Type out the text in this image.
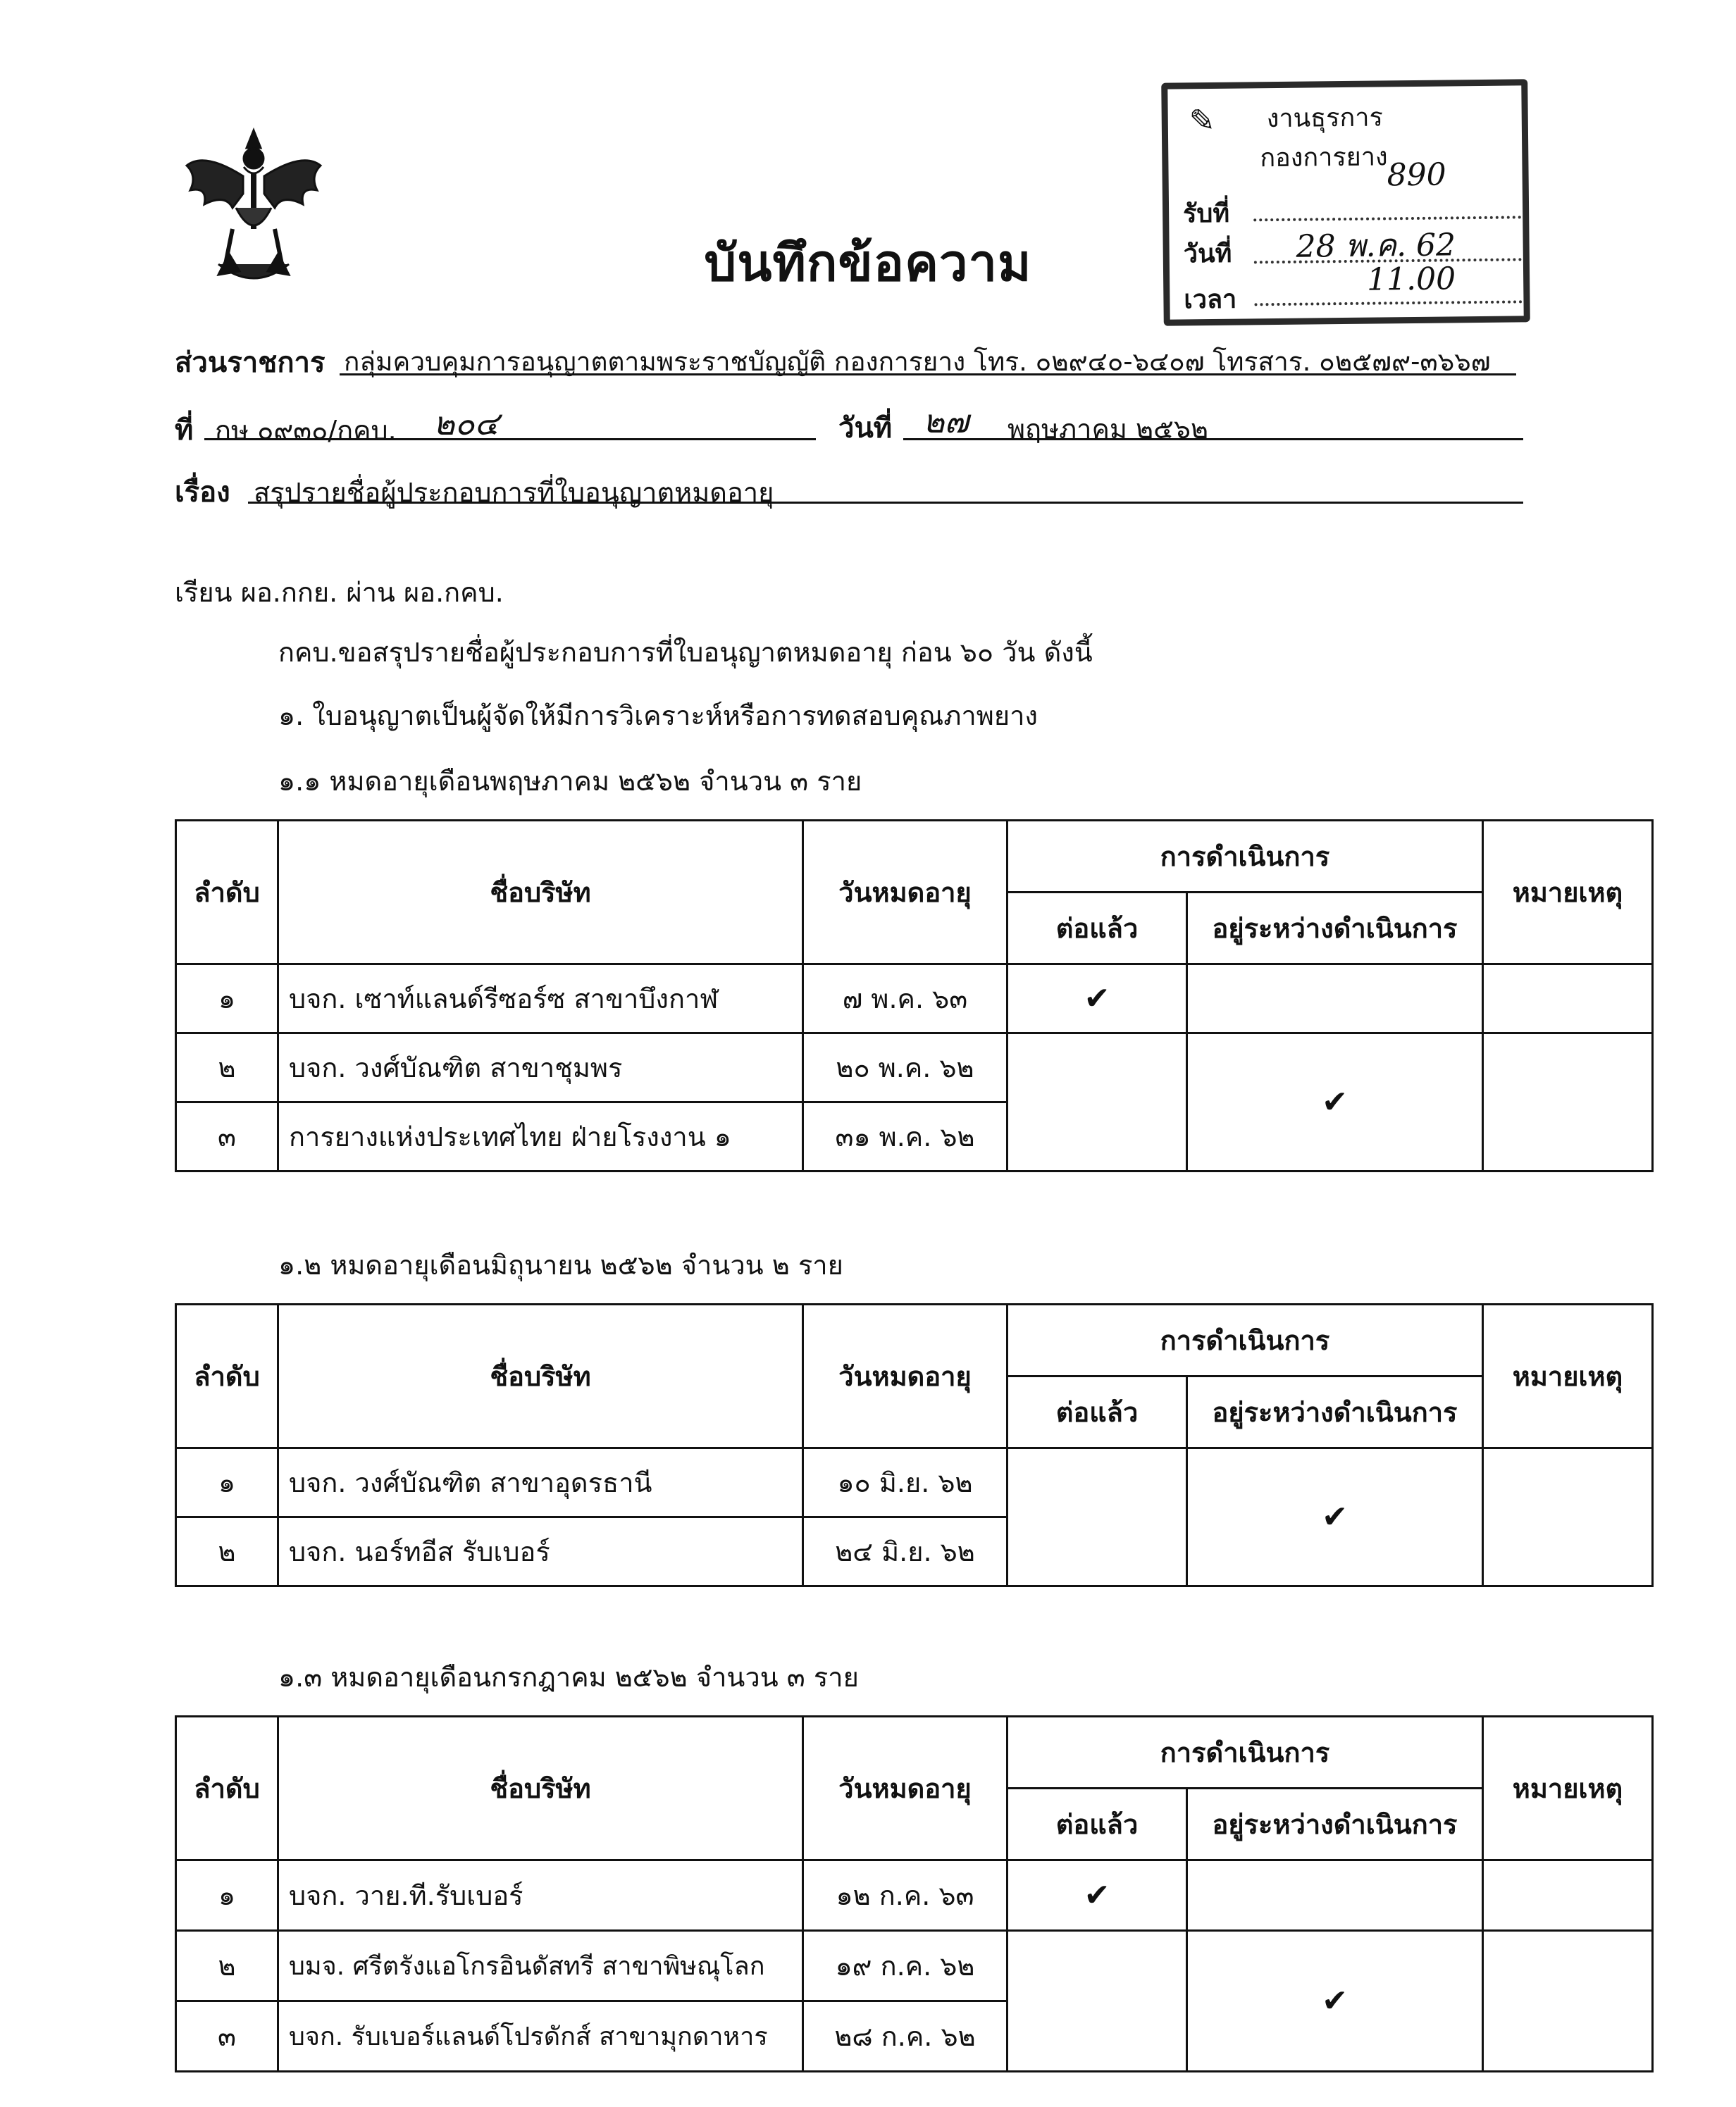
บันทึกข้อความ
✎ งานธุรการ
กองการยาง
รับที่
890
วันที่ 28 พ.ค. 62
เวลา
11.00
ส่วนราชการ กลุ่มควบคุมการอนุญาตตามพระราชบัญญัติ กองการยาง โทร. ๐๒๙๔๐-๖๔๐๗ โทรสาร. ๐๒๕๗๙-๓๖๖๗
ที่ กษ ๐๙๓๐/กคบ. ๒๐๔	วันที่ ๒๗ พฤษภาคม ๒๕๖๒
เรื่อง สรุปรายชื่อผู้ประกอบการที่ใบอนุญาตหมดอายุ
เรียน ผอ.กกย. ผ่าน ผอ.กคบ.
กคบ.ขอสรุปรายชื่อผู้ประกอบการที่ใบอนุญาตหมดอายุ ก่อน ๖๐ วัน ดังนี้
๑. ใบอนุญาตเป็นผู้จัดให้มีการวิเคราะห์หรือการทดสอบคุณภาพยาง
๑.๑ หมดอายุเดือนพฤษภาคม ๒๕๖๒ จำนวน ๓ ราย
ลำดับ	ชื่อบริษัท	วันหมดอายุ	การดำเนินการ		หมายเหตุ
			ต่อแล้ว	อยู่ระหว่างดำเนินการ	
๑	บจก. เซาท์แลนด์รีซอร์ซ สาขาบึงกาฬ	๗ พ.ค. ๖๓	✔		
๒	บจก. วงศ์บัณฑิต สาขาชุมพร	๒๐ พ.ค. ๖๒		✔	
๓	การยางแห่งประเทศไทย ฝ่ายโรงงาน ๑	๓๑ พ.ค. ๖๒			
๑.๒ หมดอายุเดือนมิถุนายน ๒๕๖๒ จำนวน ๒ ราย
ลำดับ	ชื่อบริษัท	วันหมดอายุ	การดำเนินการ		หมายเหตุ
			ต่อแล้ว	อยู่ระหว่างดำเนินการ	
๑	บจก. วงศ์บัณฑิต สาขาอุดรธานี	๑๐ มิ.ย. ๖๒		✔	
๒	บจก. นอร์ทอีส รับเบอร์	๒๔ มิ.ย. ๖๒			
๑.๓ หมดอายุเดือนกรกฎาคม ๒๕๖๒ จำนวน ๓ ราย
ลำดับ	ชื่อบริษัท	วันหมดอายุ	การดำเนินการ		หมายเหตุ
			ต่อแล้ว	อยู่ระหว่างดำเนินการ	
๑	บจก. วาย.ที.รับเบอร์	๑๒ ก.ค. ๖๓	✔		
๒	บมจ. ศรีตรังแอโกรอินดัสทรี สาขาพิษณุโลก	๑๙ ก.ค. ๖๒		✔	
๓	บจก. รับเบอร์แลนด์โปรดักส์ สาขามุกดาหาร	๒๘ ก.ค. ๖๒			
